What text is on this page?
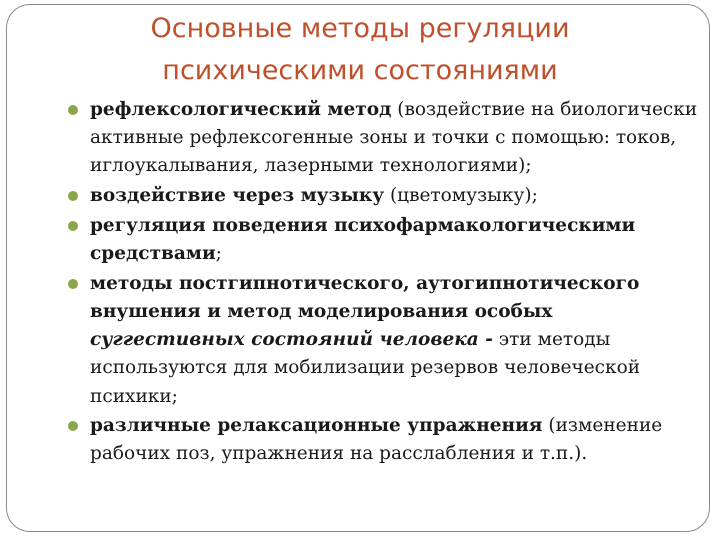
Основные методы регуляции
психическими состояниями
рефлексологический метод (воздействие на биологически активные рефлексогенные зоны и точки с помощью: токов, иглоукалывания, лазерными технологиями);
воздействие через музыку (цветомузыку);
регуляция поведения психофармакологическими средствами;
методы постгипнотического, аутогипнотического внушения и метод моделирования особых суггестивных состояний человека - эти методы используются для мобилизации резервов человеческой психики;
различные релаксационные упражнения (изменение рабочих поз, упражнения на расслабления и т.п.).
